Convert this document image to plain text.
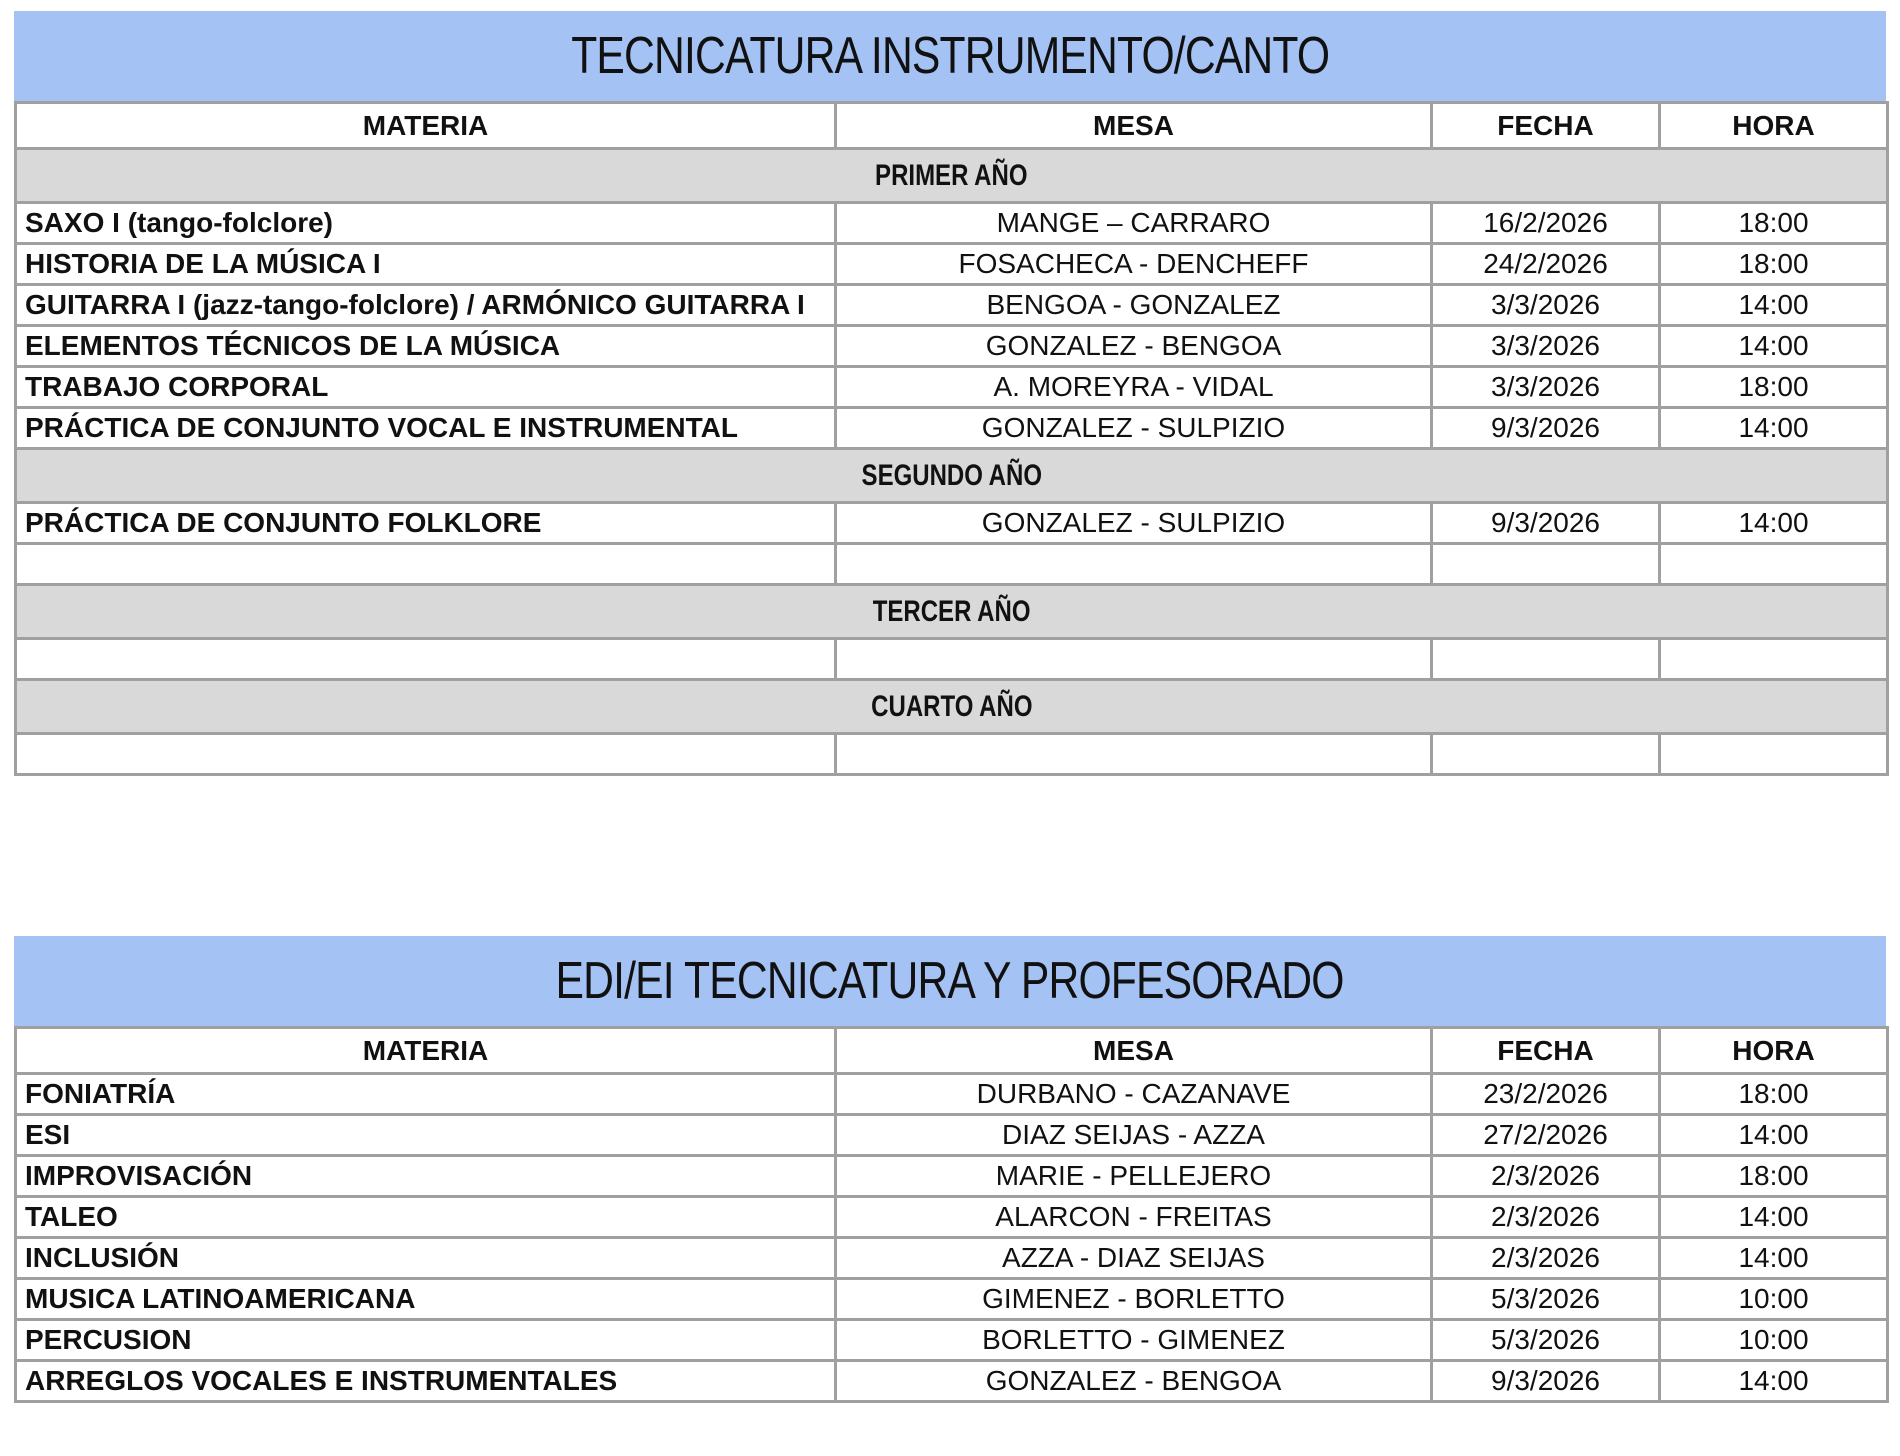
TECNICATURA INSTRUMENTO/CANTO
MATERIA	MESA	FECHA	HORA
PRIMER AÑO			
SAXO I (tango-folclore)	MANGE – CARRARO	16/2/2026	18:00
HISTORIA DE LA MÚSICA I	FOSACHECA - DENCHEFF	24/2/2026	18:00
GUITARRA I (jazz-tango-folclore) / ARMÓNICO GUITARRA I	BENGOA - GONZALEZ	3/3/2026	14:00
ELEMENTOS TÉCNICOS DE LA MÚSICA	GONZALEZ - BENGOA	3/3/2026	14:00
TRABAJO CORPORAL	A. MOREYRA - VIDAL	3/3/2026	18:00
PRÁCTICA DE CONJUNTO VOCAL E INSTRUMENTAL	GONZALEZ - SULPIZIO	9/3/2026	14:00
SEGUNDO AÑO			
PRÁCTICA DE CONJUNTO FOLKLORE	GONZALEZ - SULPIZIO	9/3/2026	14:00

TERCER AÑO			

CUARTO AÑO			

EDI/EI TECNICATURA Y PROFESORADO
MATERIA	MESA	FECHA	HORA
FONIATRÍA	DURBANO - CAZANAVE	23/2/2026	18:00
ESI	DIAZ SEIJAS - AZZA	27/2/2026	14:00
IMPROVISACIÓN	MARIE - PELLEJERO	2/3/2026	18:00
TALEO	ALARCON - FREITAS	2/3/2026	14:00
INCLUSIÓN	AZZA - DIAZ SEIJAS	2/3/2026	14:00
MUSICA LATINOAMERICANA	GIMENEZ - BORLETTO	5/3/2026	10:00
PERCUSION	BORLETTO - GIMENEZ	5/3/2026	10:00
ARREGLOS VOCALES E INSTRUMENTALES	GONZALEZ - BENGOA	9/3/2026	14:00
